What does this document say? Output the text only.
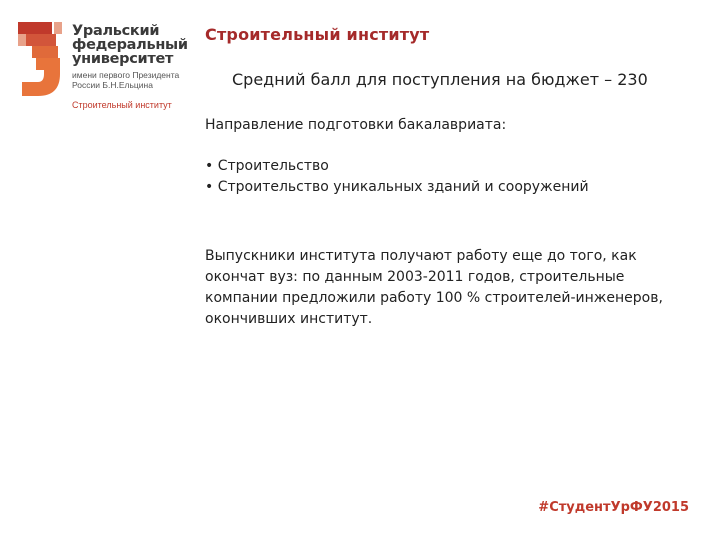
Уральский
федеральный
университет
имени первого Президента
России Б.Н.Ельцина
Строительный институт
Строительный институт
Средний балл для поступления на бюджет – 230
Направление подготовки бакалавриата:
• Строительство
• Строительство уникальных зданий и сооружений
Выпускники института получают работу еще до того, как окончат вуз: по данным 2003-2011 годов, строительные компании предложили работу 100 % строителей-инженеров, окончивших институт.
#СтудентУрФУ2015
